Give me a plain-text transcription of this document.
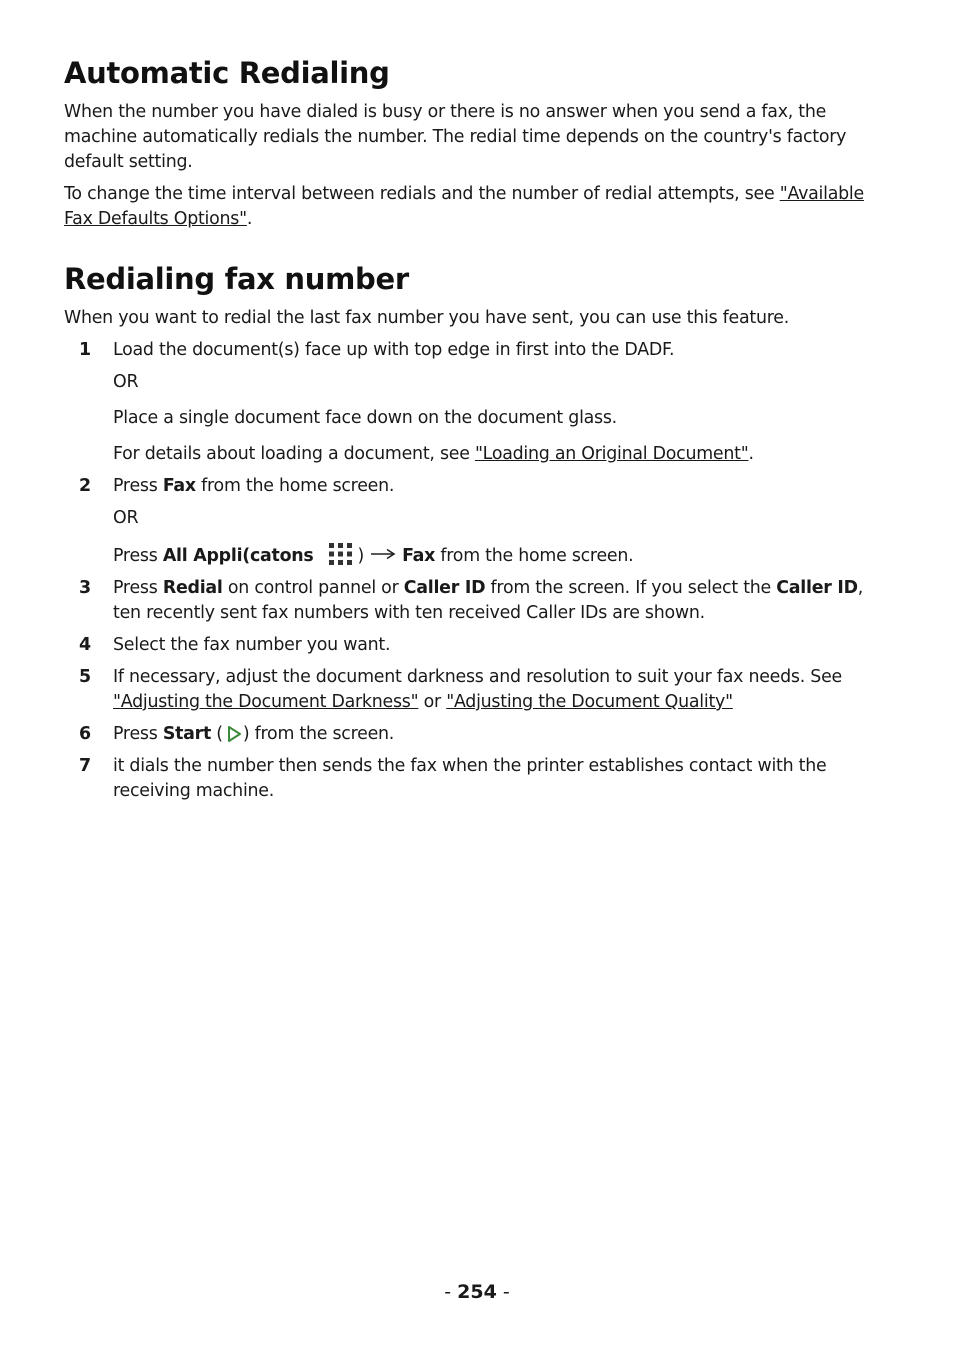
Automatic Redialing

When the number you have dialed is busy or there is no answer when you send a fax, the machine automatically redials the number. The redial time depends on the country's factory default setting.

To change the time interval between redials and the number of redial attempts, see "Available Fax Defaults Options".

Redialing fax number

When you want to redial the last fax number you have sent, you can use this feature.

1 Load the document(s) face up with top edge in first into the DADF.

OR

Place a single document face down on the document glass.

For details about loading a document, see "Loading an Original Document".

2 Press Fax from the home screen.

OR

Press All Appli(catons	) Fax from the home screen.

3 Press Redial on control pannel or Caller ID from the screen. If you select the Caller ID, ten recently sent fax numbers with ten received Caller IDs are shown.

4 Select the fax number you want.

5 If necessary, adjust the document darkness and resolution to suit your fax needs. See "Adjusting the Document Darkness" or "Adjusting the Document Quality"

6 Press Start ( ) from the screen.

7 it dials the number then sends the fax when the printer establishes contact with the receiving machine.

- 254 -
